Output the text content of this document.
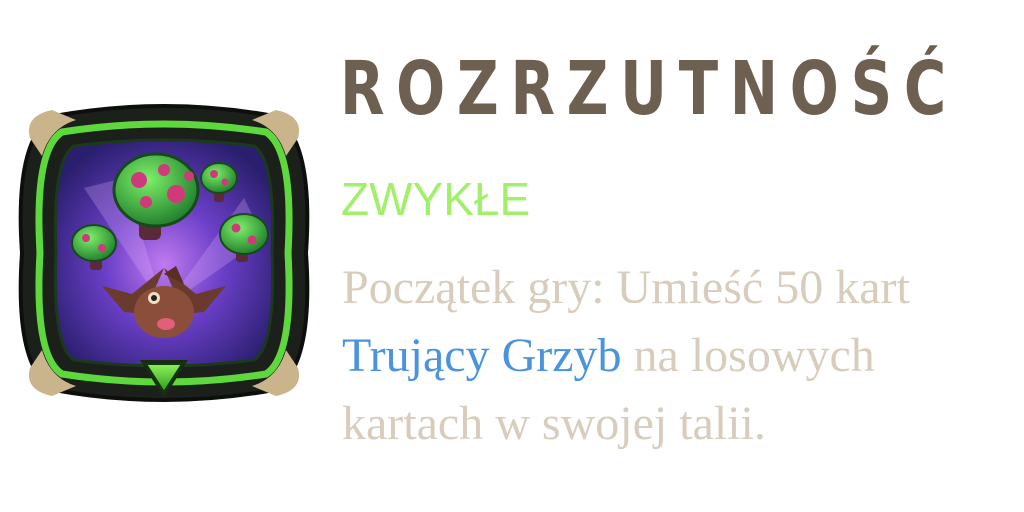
ROZRZUTNOŚĆ
ZWYKŁE

Początek gry: Umieść 50 kart
Trujący Grzyb na losowych
kartach w swojej talii.
